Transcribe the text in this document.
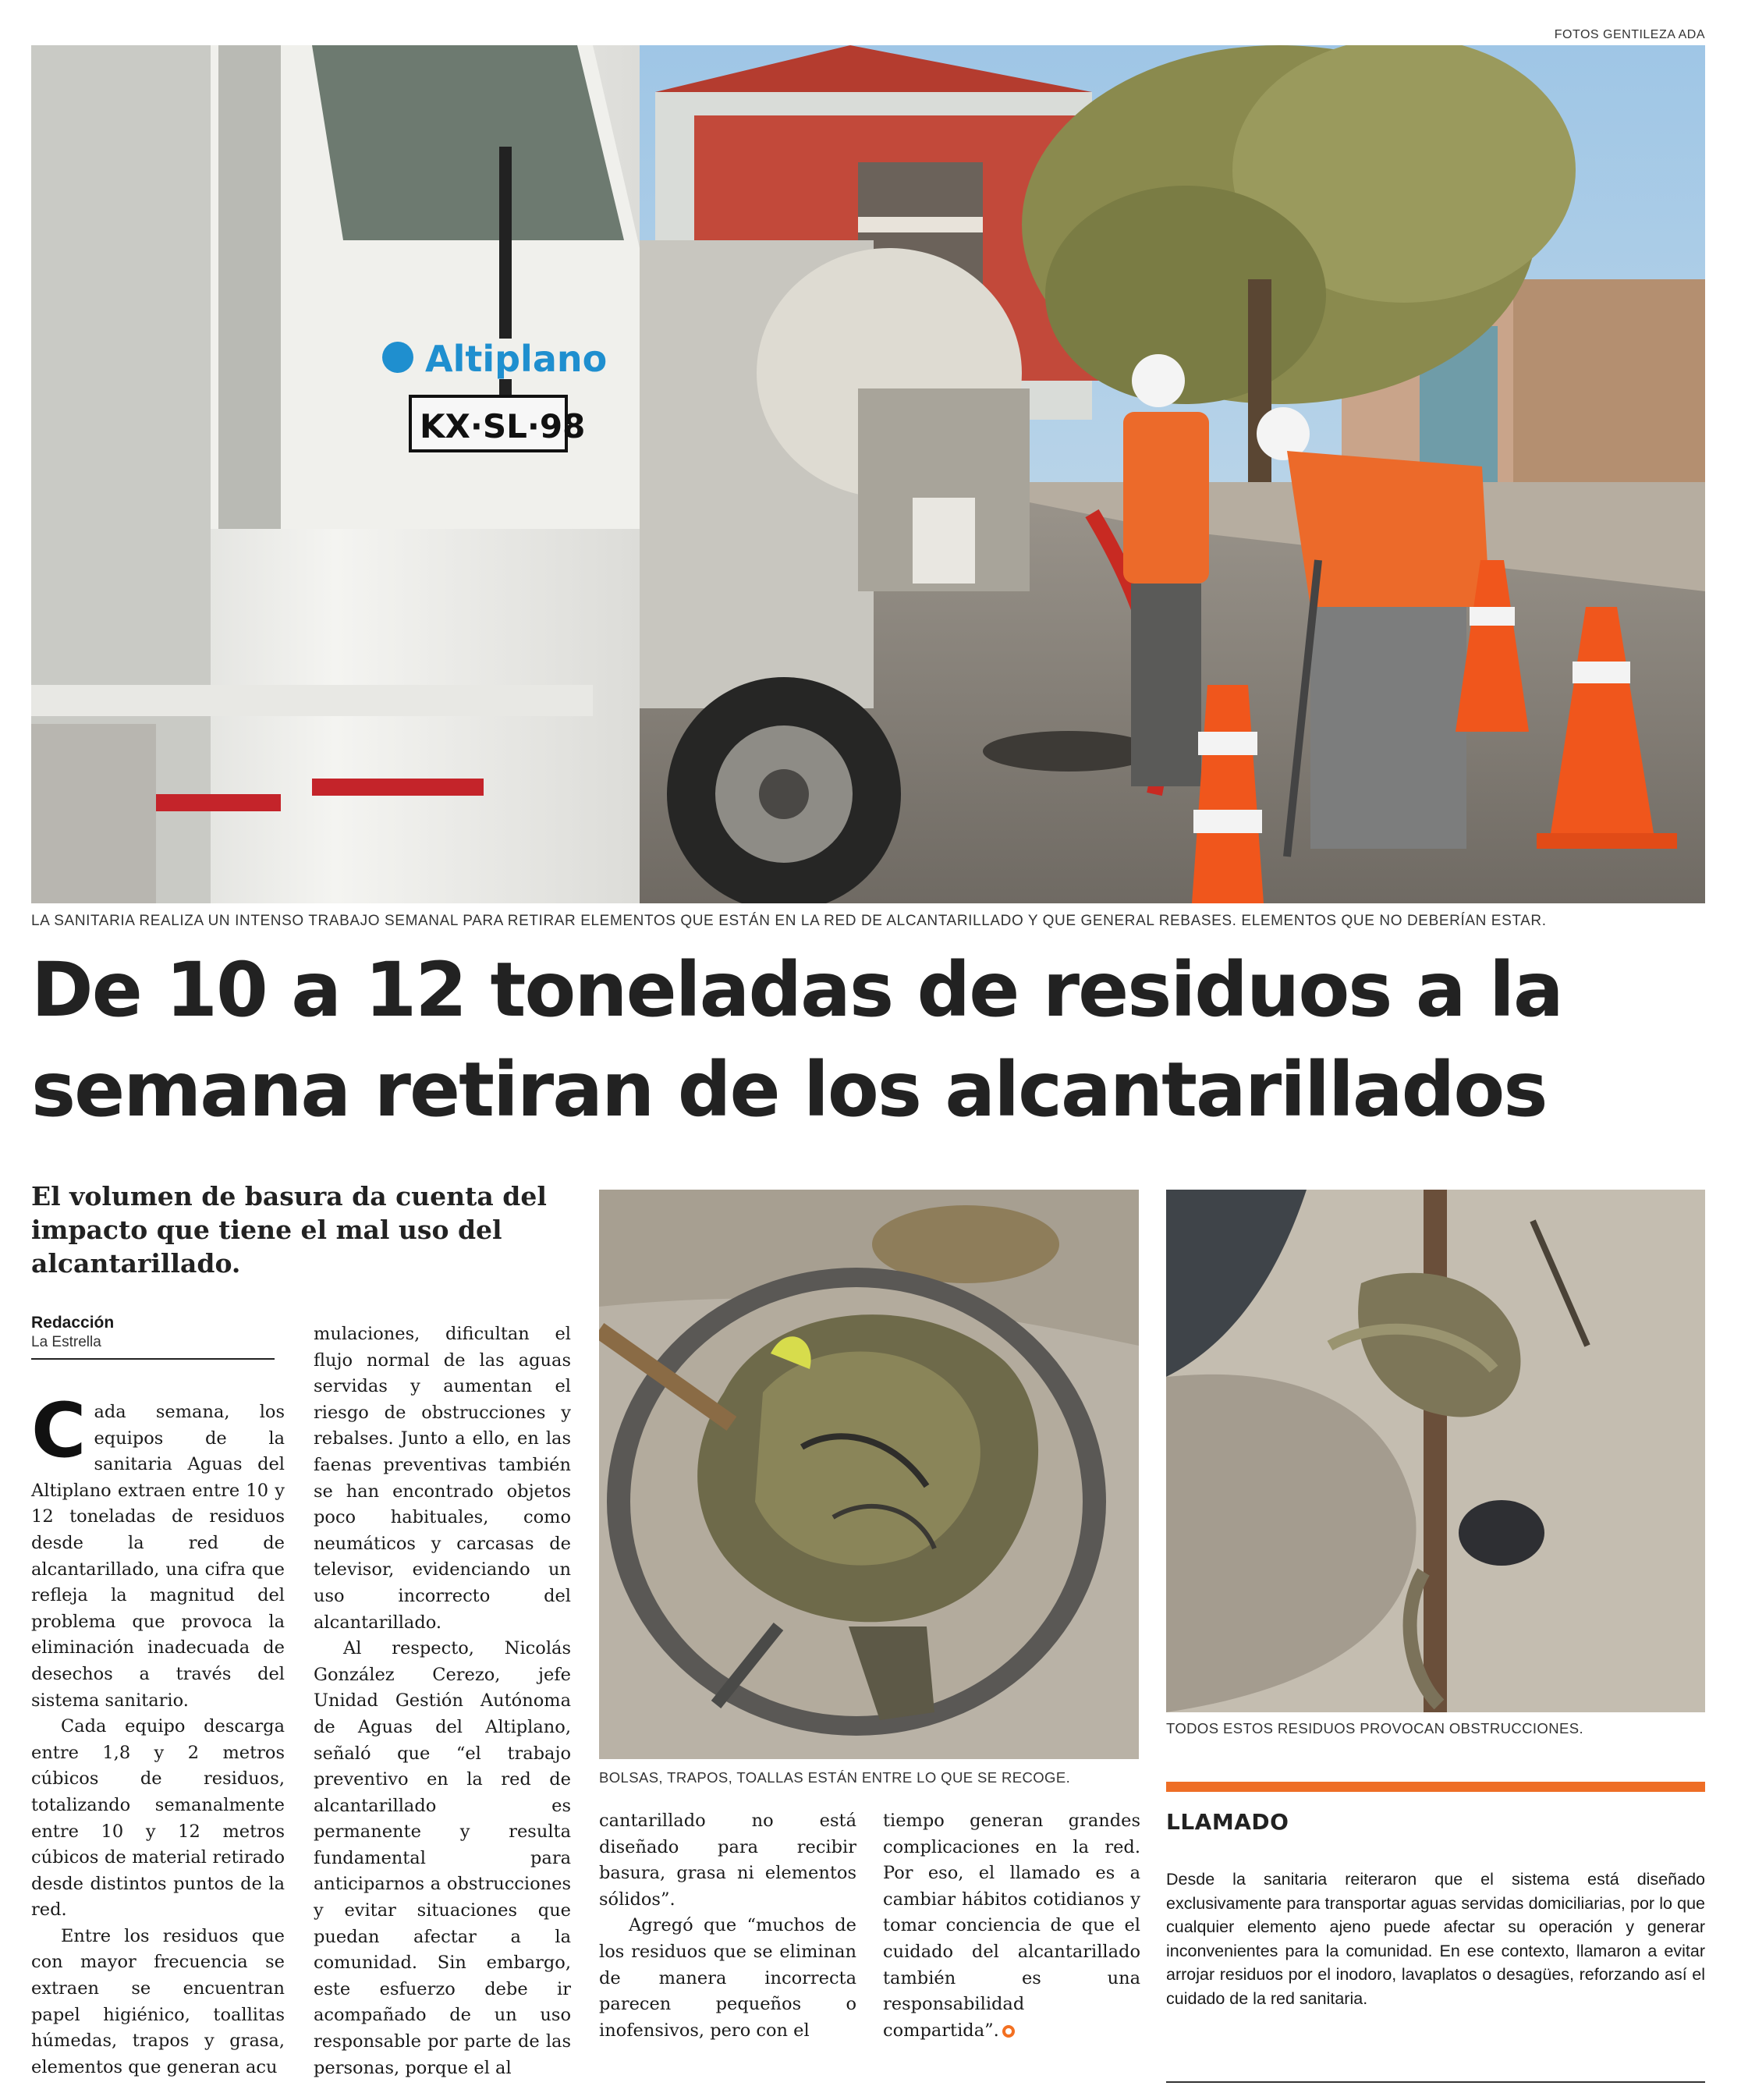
FOTOS GENTILEZA ADA
Altiplano
KX·SL·98
LA SANITARIA REALIZA UN INTENSO TRABAJO SEMANAL PARA RETIRAR ELEMENTOS QUE ESTÁN EN LA RED DE ALCANTARILLADO Y QUE GENERAL REBASES. ELEMENTOS QUE NO DEBERÍAN ESTAR.
De 10 a 12 toneladas de residuos a la
semana retiran de los alcantarillados
El volumen de basura da cuenta del impacto que tiene el mal uso del alcantarillado.
Redacción
La Estrella

Cada semana, los equipos de la sanitaria Aguas del Altiplano extraen entre 10 y 12 toneladas de residuos desde la red de alcantarillado, una cifra que refleja la magnitud del problema que provoca la eliminación inadecuada de desechos a través del sistema sanitario.

Cada equipo descarga entre 1,8 y 2 metros cúbicos de residuos, totalizando semanalmente entre 10 y 12 metros cúbicos de material retirado desde distintos puntos de la red.

Entre los residuos que con mayor frecuencia se extraen se encuentran papel higiénico, toallitas húmedas, trapos y grasa, elementos que generan acu

mulaciones, dificultan el flujo normal de las aguas servidas y aumentan el riesgo de obstrucciones y rebalses. Junto a ello, en las faenas preventivas también se han encontrado objetos poco habituales, como neumáticos y carcasas de televisor, evidenciando un uso incorrecto del alcantarillado.

Al respecto, Nicolás González Cerezo, jefe Unidad Gestión Autónoma de Aguas del Altiplano, señaló que “el trabajo preventivo en la red de alcantarillado es permanente y resulta fundamental para anticiparnos a obstrucciones y evitar situaciones que puedan afectar a la comunidad. Sin embargo, este esfuerzo debe ir acompañado de un uso responsable por parte de las personas, porque el al

cantarillado no está diseñado para recibir basura, grasa ni elementos sólidos”.

Agregó que “muchos de los residuos que se eliminan de manera incorrecta parecen pequeños o inofensivos, pero con el

tiempo generan grandes complicaciones en la red. Por eso, el llamado es a cambiar hábitos cotidianos y tomar conciencia de que el cuidado del alcantarillado también es una responsabilidad compartida”.

BOLSAS, TRAPOS, TOALLAS ESTÁN ENTRE LO QUE SE RECOGE.
TODOS ESTOS RESIDUOS PROVOCAN OBSTRUCCIONES.
LLAMADO
Desde la sanitaria reiteraron que el sistema está diseñado exclusivamente para transportar aguas servidas domiciliarias, por lo que cualquier elemento ajeno puede afectar su operación y generar inconvenientes para la comunidad. En ese contexto, llamaron a evitar arrojar residuos por el inodoro, lavaplatos o desagües, reforzando así el cuidado de la red sanitaria.
